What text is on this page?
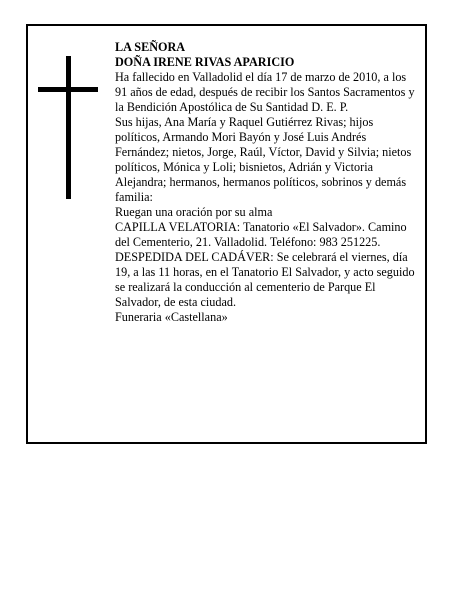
LA SEÑORA

DOÑA IRENE RIVAS APARICIO

Ha fallecido en Valladolid el día 17 de marzo de 2010, a los 91 años de edad, después de recibir los Santos Sacramentos y la Bendición Apostólica de Su Santidad D. E. P.

Sus hijas, Ana María y Raquel Gutiérrez Rivas; hijos políticos, Armando Mori Bayón y José Luis Andrés Fernández; nietos, Jorge, Raúl, Víctor, David y Silvia; nietos políticos, Mónica y Loli; bisnietos, Adrián y Victoria Alejandra; hermanos, hermanos políticos, sobrinos y demás familia:

Ruegan una oración por su alma

CAPILLA VELATORIA: Tanatorio «El Salvador». Camino del Cementerio, 21. Valladolid. Teléfono: 983 251225.

DESPEDIDA DEL CADÁVER: Se celebrará el viernes, día 19, a las 11 horas, en el Tanatorio El Salvador, y acto seguido se realizará la conducción al cementerio de Parque El Salvador, de esta ciudad.

Funeraria «Castellana»
